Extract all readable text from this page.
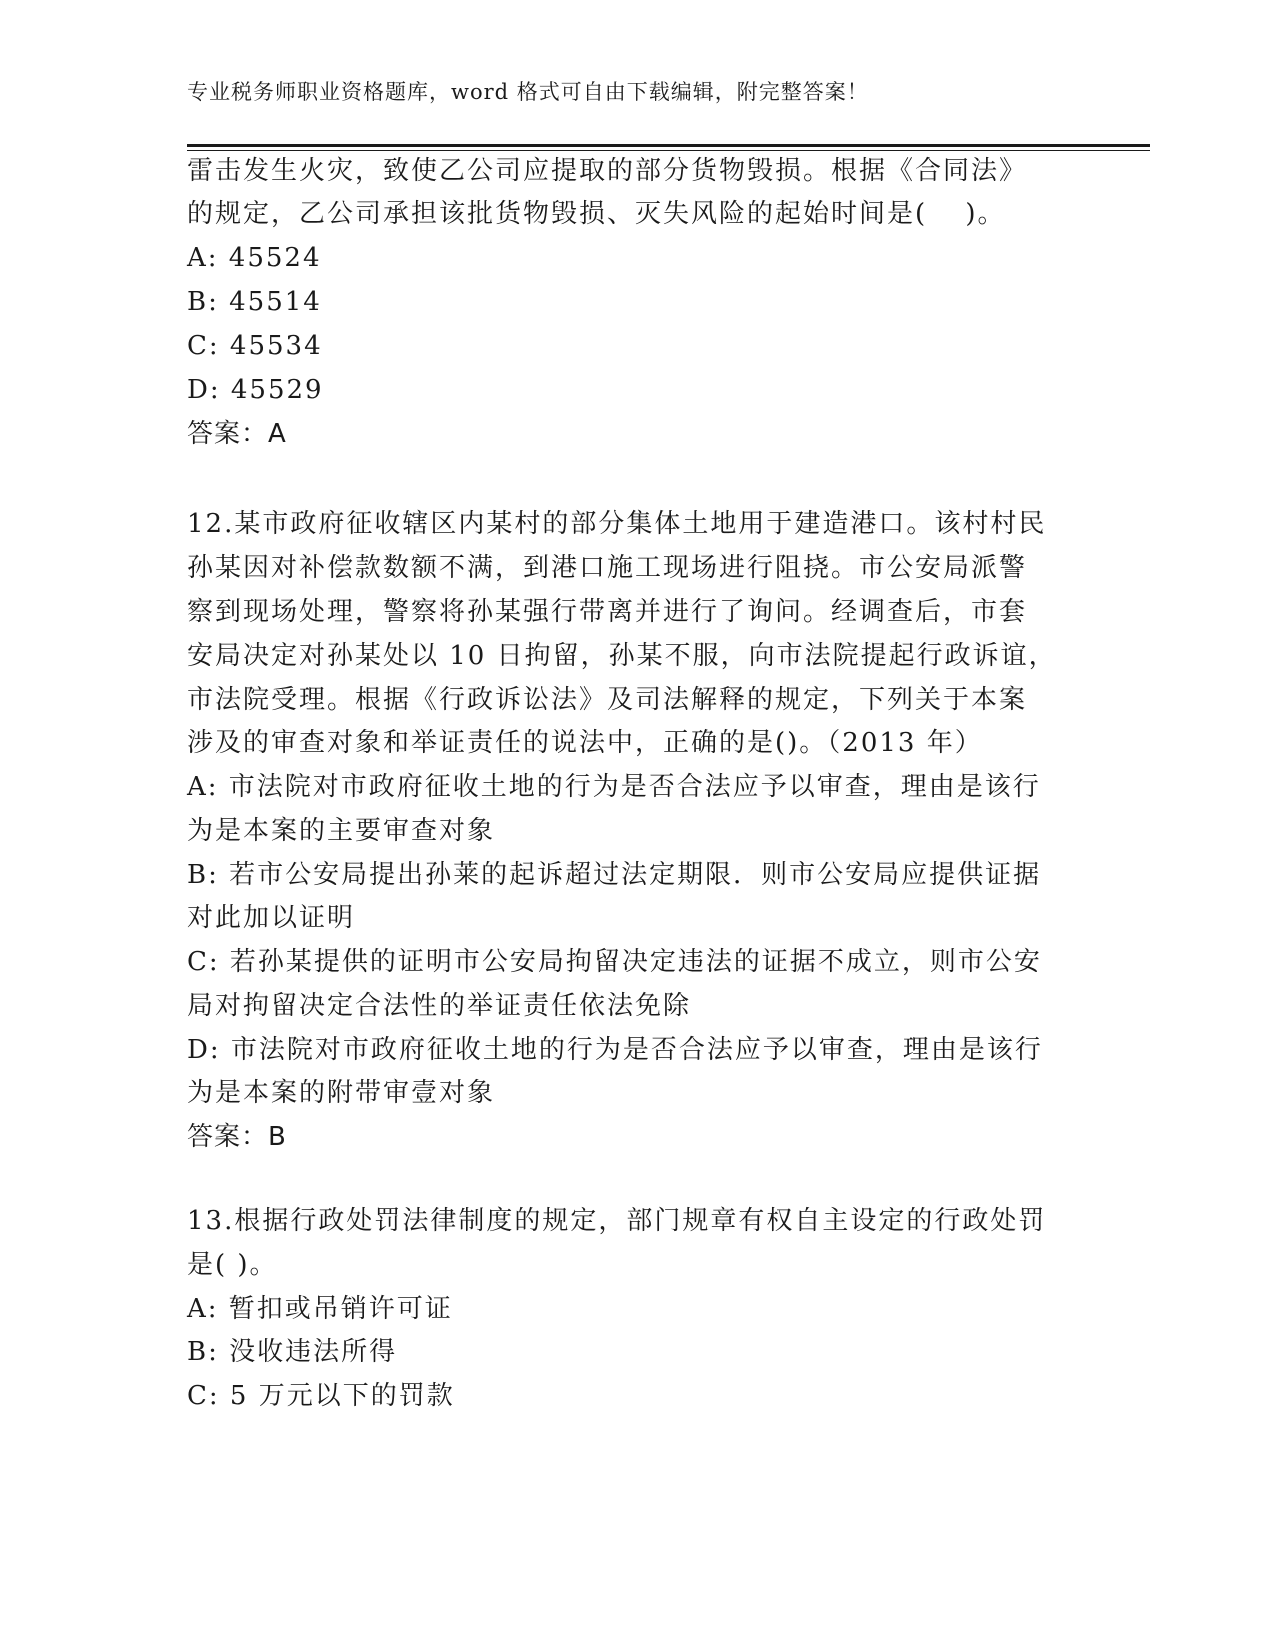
专业税务师职业资格题库，word 格式可自由下载编辑，附完整答案！
雷击发生火灾，致使乙公司应提取的部分货物毁损。根据《合同法》
的规定，乙公司承担该批货物毁损、灭失风险的起始时间是(　 )。
A: 45524
B: 45514
C: 45534
D: 45529
答案：A
12.某市政府征收辖区内某村的部分集体土地用于建造港口。该村村民
孙某因对补偿款数额不满，到港口施工现场进行阻挠。市公安局派警
察到现场处理，警察将孙某强行带离并进行了询问。经调查后，市套
安局决定对孙某处以 10 日拘留，孙某不服，向市法院提起行政诉谊，
市法院受理。根据《行政诉讼法》及司法解释的规定，下列关于本案
涉及的审查对象和举证责任的说法中，正确的是()。（2013 年）
A: 市法院对市政府征收土地的行为是否合法应予以审查，理由是该行
为是本案的主要审查对象
B: 若市公安局提出孙莱的起诉超过法定期限．则市公安局应提供证据
对此加以证明
C: 若孙某提供的证明市公安局拘留决定违法的证据不成立，则市公安
局对拘留决定合法性的举证责任依法免除
D: 市法院对市政府征收土地的行为是否合法应予以审查，理由是该行
为是本案的附带审壹对象
答案：B
13.根据行政处罚法律制度的规定，部门规章有权自主设定的行政处罚
是( )。
A: 暂扣或吊销许可证
B: 没收违法所得
C: 5 万元以下的罚款
